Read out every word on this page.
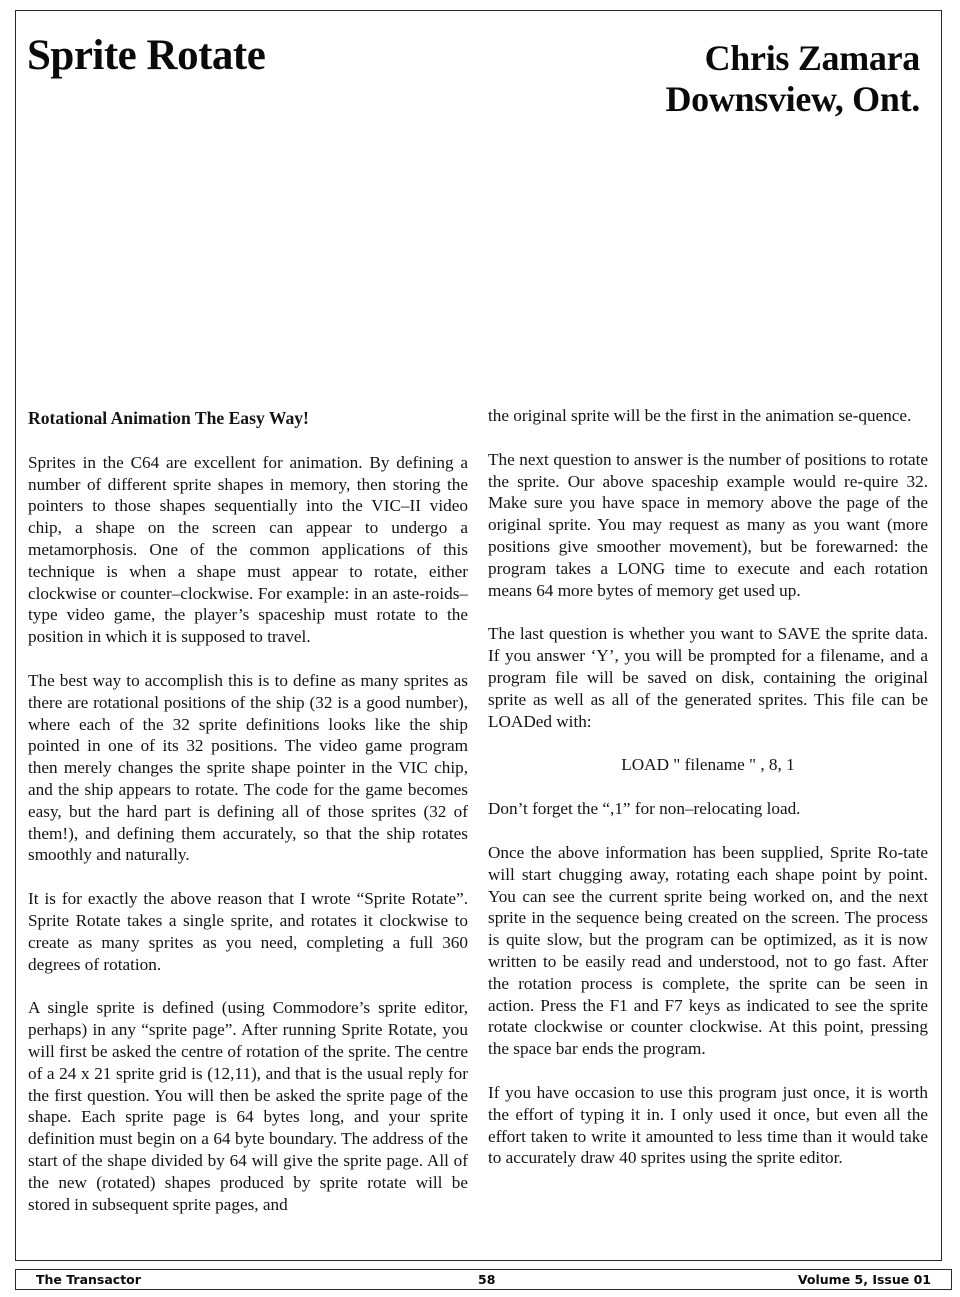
Sprite Rotate	Chris Zamara
Downsview, Ont.

Rotational Animation The Easy Way!

Sprites in the C64 are excellent for animation. By defining a number of different sprite shapes in memory, then storing the pointers to those shapes sequentially into the VIC–II video chip, a shape on the screen can appear to undergo a metamorphosis. One of the common applications of this technique is when a shape must appear to rotate, either clockwise or counter–clockwise. For example: in an aste-roids–type video game, the player’s spaceship must rotate to the position in which it is supposed to travel.

The best way to accomplish this is to define as many sprites as there are rotational positions of the ship (32 is a good number), where each of the 32 sprite definitions looks like the ship pointed in one of its 32 positions. The video game program then merely changes the sprite shape pointer in the VIC chip, and the ship appears to rotate. The code for the game becomes easy, but the hard part is defining all of those sprites (32 of them!), and defining them accurately, so that the ship rotates smoothly and naturally.

It is for exactly the above reason that I wrote “Sprite Rotate”. Sprite Rotate takes a single sprite, and rotates it clockwise to create as many sprites as you need, completing a full 360 degrees of rotation.

A single sprite is defined (using Commodore’s sprite editor, perhaps) in any “sprite page”. After running Sprite Rotate, you will first be asked the centre of rotation of the sprite. The centre of a 24 x 21 sprite grid is (12,11), and that is the usual reply for the first question. You will then be asked the sprite page of the shape. Each sprite page is 64 bytes long, and your sprite definition must begin on a 64 byte boundary. The address of the start of the shape divided by 64 will give the sprite page. All of the new (rotated) shapes produced by sprite rotate will be stored in subsequent sprite pages, and

the original sprite will be the first in the animation se-quence.

The next question to answer is the number of positions to rotate the sprite. Our above spaceship example would re-quire 32. Make sure you have space in memory above the page of the original sprite. You may request as many as you want (more positions give smoother movement), but be forewarned: the program takes a LONG time to execute and each rotation means 64 more bytes of memory get used up.

The last question is whether you want to SAVE the sprite data. If you answer ‘Y’, you will be prompted for a filename, and a program file will be saved on disk, containing the original sprite as well as all of the generated sprites. This file can be LOADed with:

LOAD " filename " , 8, 1

Don’t forget the “,1” for non–relocating load.

Once the above information has been supplied, Sprite Ro-tate will start chugging away, rotating each shape point by point. You can see the current sprite being worked on, and the next sprite in the sequence being created on the screen. The process is quite slow, but the program can be optimized, as it is now written to be easily read and understood, not to go fast. After the rotation process is complete, the sprite can be seen in action. Press the F1 and F7 keys as indicated to see the sprite rotate clockwise or counter clockwise. At this point, pressing the space bar ends the program.

If you have occasion to use this program just once, it is worth the effort of typing it in. I only used it once, but even all the effort taken to write it amounted to less time than it would take to accurately draw 40 sprites using the sprite editor.

The Transactor	58	Volume 5, Issue 01
